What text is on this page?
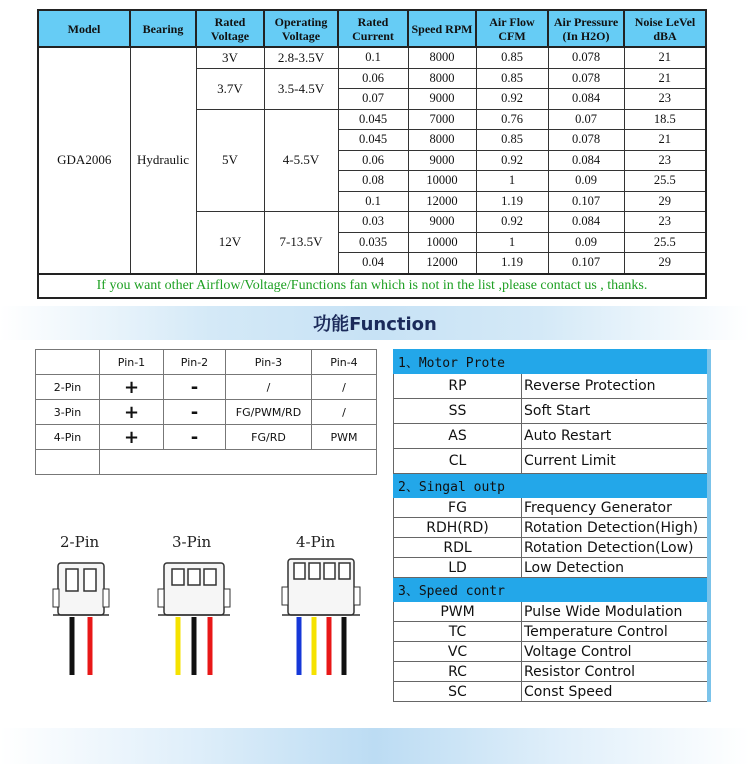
Model	Bearing	Rated Voltage	Operating Voltage	Rated Current	Speed RPM	Air Flow CFM	Air Pressure (In H2O)	Noise LeVel dBA
GDA2006	Hydraulic	3V	2.8-3.5V	0.1	8000	0.85	0.078	21
		3.7V	3.5-4.5V	0.06	8000	0.85	0.078	21
				0.07	9000	0.92	0.084	23
		5V	4-5.5V	0.045	7000	0.76	0.07	18.5
				0.045	8000	0.85	0.078	21
				0.06	9000	0.92	0.084	23
				0.08	10000	1	0.09	25.5
				0.1	12000	1.19	0.107	29
		12V	7-13.5V	0.03	9000	0.92	0.084	23
				0.035	10000	1	0.09	25.5
				0.04	12000	1.19	0.107	29
If you want other Airflow/Voltage/Functions fan which is not in the list ,please contact us , thanks.								
功能Function
	Pin-1	Pin-2	Pin-3	Pin-4
2-Pin	+	-	/	/
3-Pin	+	-	FG/PWM/RD	/
4-Pin	+	-	FG/RD	PWM

2-Pin	3-Pin	4-Pin
1、Motor Prote	
RP	Reverse Protection
SS	Soft Start
AS	Auto Restart
CL	Current Limit
2、Singal outp	
FG	Frequency Generator
RDH(RD)	Rotation Detection(High)
RDL	Rotation Detection(Low)
LD	Low Detection
3、Speed contr	
PWM	Pulse Wide Modulation
TC	Temperature Control
VC	Voltage Control
RC	Resistor Control
SC	Const Speed
